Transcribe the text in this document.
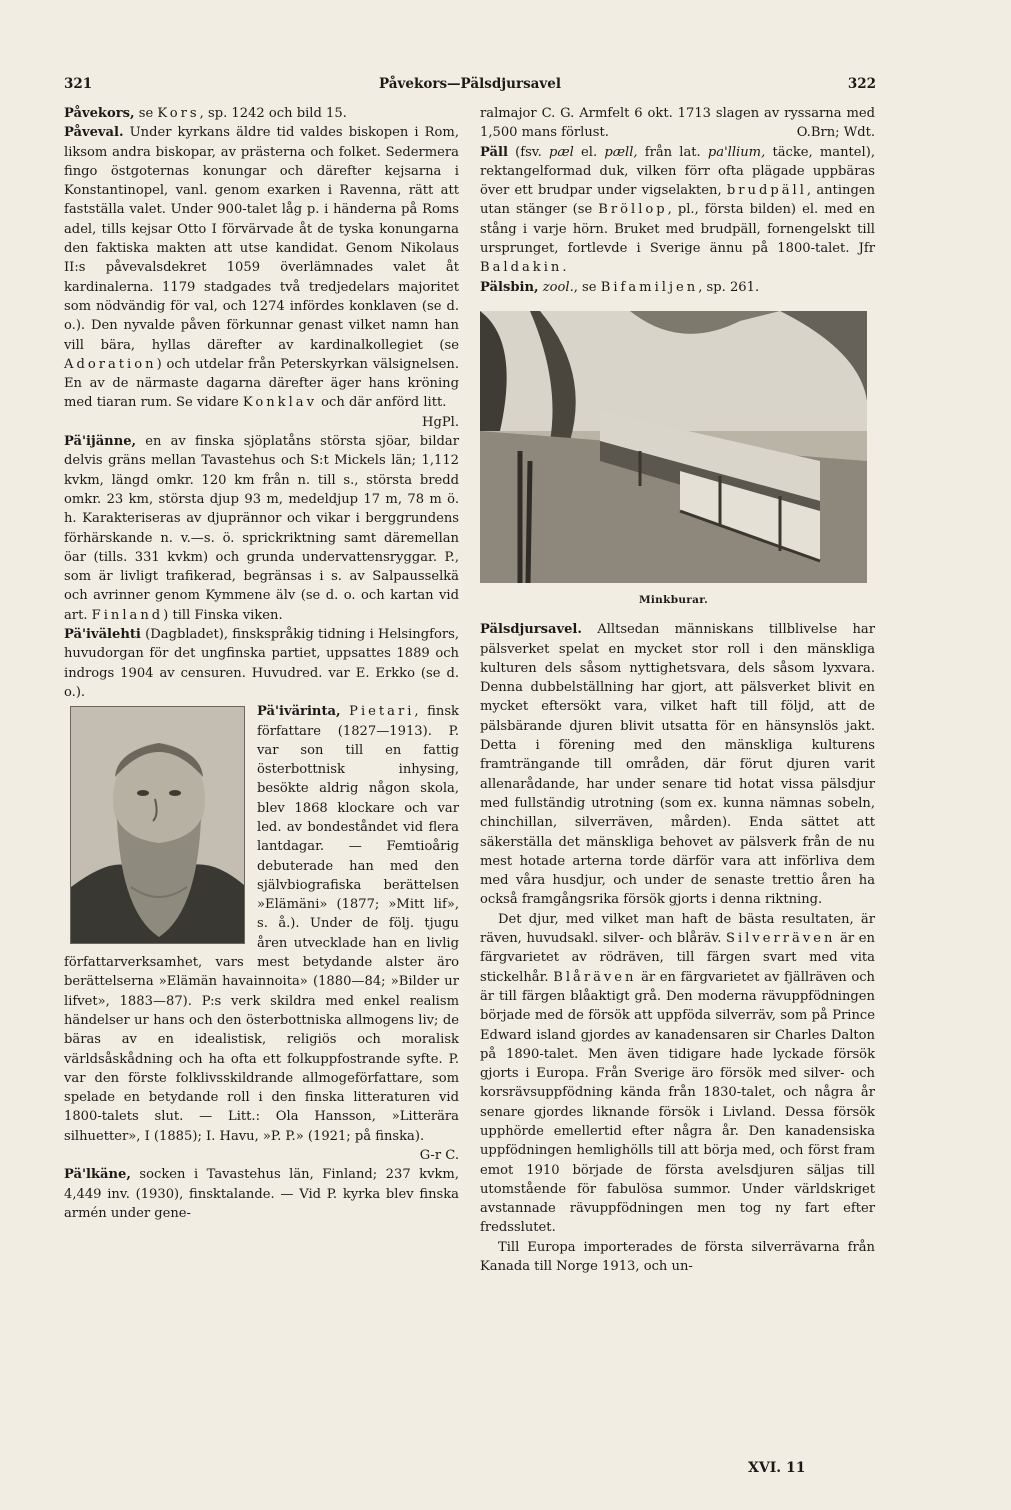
321	Påvekors—Pälsdjursavel	322

Påvekors, se Kors, sp. 1242 och bild 15.

Påveval. Under kyrkans äldre tid valdes biskopen i Rom, liksom andra biskopar, av prästerna och folket. Sedermera fingo östgoternas konungar och därefter kejsarna i Konstantinopel, vanl. genom exarken i Ravenna, rätt att fastställa valet. Under 900-talet låg p. i händerna på Roms adel, tills kejsar Otto I förvärvade åt de tyska konungarna den faktiska makten att utse kandidat. Genom Nikolaus II:s påvevalsdekret 1059 överlämnades valet åt kardinalerna. 1179 stadgades två tredjedelars majoritet som nödvändig för val, och 1274 infördes konklaven (se d. o.). Den nyvalde påven förkunnar genast vilket namn han vill bära, hyllas därefter av kardinalkollegiet (se Adoration) och utdelar från Peterskyrkan välsignelsen. En av de närmaste dagarna därefter äger hans kröning med tiaran rum. Se vidare Konklav och där anförd litt.
HgPl.

Pä'ijänne, en av finska sjöplatåns största sjöar, bildar delvis gräns mellan Tavastehus och S:t Mickels län; 1,112 kvkm, längd omkr. 120 km från n. till s., största bredd omkr. 23 km, största djup 93 m, medeldjup 17 m, 78 m ö. h. Karakteriseras av djuprännor och vikar i berggrundens förhärskande n. v.—s. ö. sprickriktning samt däremellan öar (tills. 331 kvkm) och grunda undervattensryggar. P., som är livligt trafikerad, begränsas i s. av Salpausselkä och avrinner genom Kymmene älv (se d. o. och kartan vid art. Finland) till Finska viken.

Pä'ivälehti (Dagbladet), finskspråkig tidning i Helsingfors, huvudorgan för det ungfinska partiet, uppsattes 1889 och indrogs 1904 av censuren. Huvudred. var E. Erkko (se d. o.).

Pä'ivärinta, Pietari
, finsk författare (1827—1913). P. var son till en fattig österbottnisk inhysing, besökte aldrig någon skola, blev 1868 klockare och var led. av bondeståndet vid flera lantdagar. — Femtioårig debuterade han med den självbiografiska berättelsen »Elämäni» (1877; »Mitt lif», s. å.). Under de följ. tjugu åren utvecklade han en livlig författarverksamhet, vars mest betydande alster äro berättelserna »Elämän havainnoita» (1880—84; »Bilder ur lifvet», 1883—87). P:s verk skildra med enkel realism händelser ur hans och den österbottniska allmogens liv; de bäras av en idealistisk, religiös och moralisk världsåskådning och ha ofta ett folkuppfostrande syfte. P. var den förste folklivsskildrande allmogeförfattare, som spelade en betydande roll i den finska litteraturen vid 1800-talets slut. — Litt.: Ola Hansson, »Litterära silhuetter», I (1885); I. Havu, »P. P.» (1921; på finska).
G-r C.

Pä'lkäne, socken i Tavastehus län, Finland; 237 kvkm, 4,449 inv. (1930), finsktalande. — Vid P. kyrka blev finska armén under gene-

ralmajor C. G. Armfelt 6 okt. 1713 slagen av ryssarna med 1,500 mans förlust.	O.Brn; Wdt.

Päll (fsv. pæl el. pæll, från lat. pa'llium, täcke, mantel), rektangelformad duk, vilken förr ofta plägade uppbäras över ett brudpar under vigselakten, brudpäll, antingen utan stänger (se Bröllop, pl., första bilden) el. med en stång i varje hörn. Bruket med brudpäll, fornengelskt till ursprunget, fortlevde i Sverige ännu på 1800-talet. Jfr Baldakin.

Pälsbin, zool., se Bifamiljen, sp. 261.

Minkburar.

Pälsdjursavel. Alltsedan människans tillblivelse har pälsverket spelat en mycket stor roll i den mänskliga kulturen dels såsom nyttighetsvara, dels såsom lyxvara. Denna dubbelställning har gjort, att pälsverket blivit en mycket eftersökt vara, vilket haft till följd, att de pälsbärande djuren blivit utsatta för en hänsynslös jakt. Detta i förening med den mänskliga kulturens framträngande till områden, där förut djuren varit allenarådande, har under senare tid hotat vissa pälsdjur med fullständig utrotning (som ex. kunna nämnas sobeln, chinchillan, silverräven, mården). Enda sättet att säkerställa det mänskliga behovet av pälsverk från de nu mest hotade arterna torde därför vara att införliva dem med våra husdjur, och under de senaste trettio åren ha också framgångsrika försök gjorts i denna riktning.

Det djur, med vilket man haft de bästa resultaten, är räven, huvudsakl. silver- och blåräv. Silverräven är en färgvarietet av rödräven, till färgen svart med vita stickelhår. Blåräven är en färgvarietet av fjällräven och är till färgen blåaktigt grå. Den moderna rävuppfödningen började med de försök att uppföda silverräv, som på Prince Edward island gjordes av kanadensaren sir Charles Dalton på 1890-talet. Men även tidigare hade lyckade försök gjorts i Europa. Från Sverige äro försök med silver- och korsrävsuppfödning kända från 1830-talet, och några år senare gjordes liknande försök i Livland. Dessa försök upphörde emellertid efter några år. Den kanadensiska uppfödningen hemlighölls till att börja med, och först fram emot 1910 började de första avelsdjuren säljas till utomstående för fabulösa summor. Under världskriget avstannade rävuppfödningen men tog ny fart efter fredsslutet.

Till Europa importerades de första silverrävarna från Kanada till Norge 1913, och un-

XVI. 11
